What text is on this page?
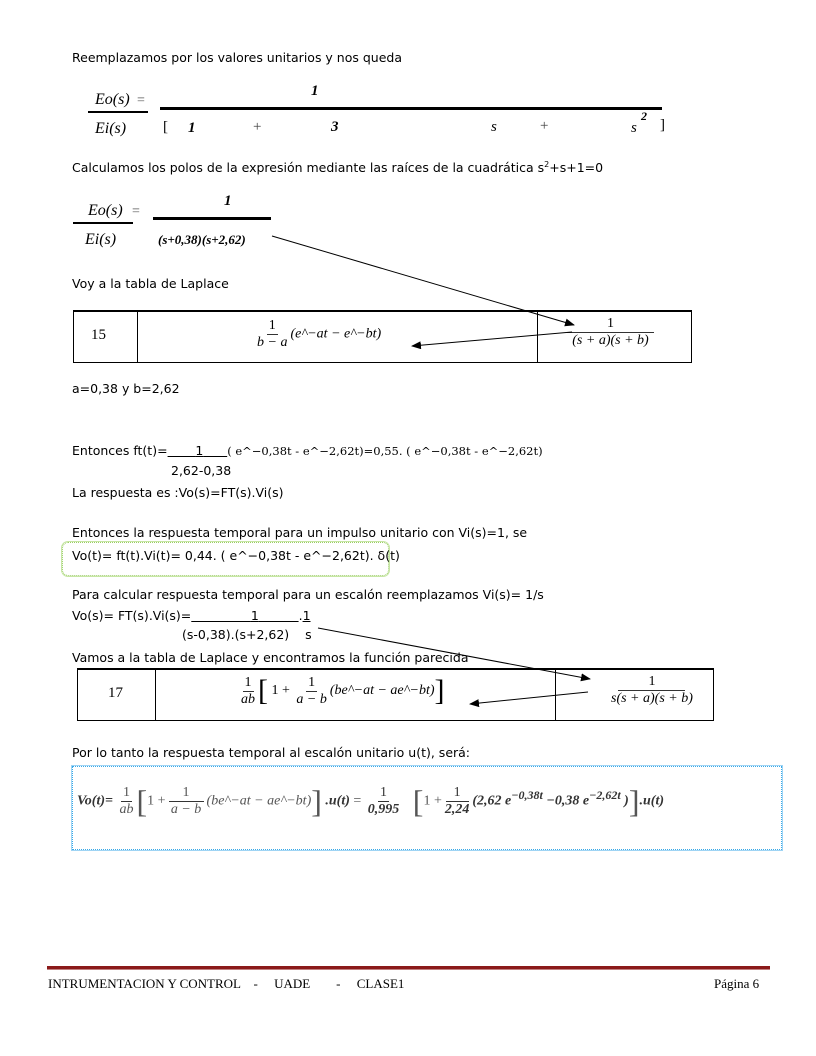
Reemplazamos por los valores unitarios y nos queda
Eo(s)
Ei(s)
=
1
[ 1	+	3	s	+	s
2
]
Calculamos los polos de la expresión mediante las raíces de la cuadrática $s^2+s+1=0$
Eo(s)
Ei(s)
=
1
(s+0,38)(s+2,62)
Voy a la tabla de Laplace
15	$\frac{1}{b - a}$ (e^−at − e^−bt)	$\frac{1}{(s + a)(s + b)}$
a=0,38 y b=2,62
Entonces ft(t)= 1 ( e^−0,38t - e^−2,62t)=0,55. ( e^−0,38t - e^−2,62t)
2,62-0,38
La respuesta es :Vo(s)=FT(s).Vi(s)
Entonces la respuesta temporal para un impulso unitario con Vi(s)=1, se
Vo(t)= ft(t).Vi(t)= 0,44. ( e^−0,38t - e^−2,62t). δ(t)
Para calcular respuesta temporal para un escalón reemplazamos Vi(s)= 1/s
Vo(s)= FT(s).Vi(s)=	1	.1
(s-0,38).(s+2,62) s
Vamos a la tabla de Laplace y encontramos la función parecida
17	$\frac{1}{ab}$ [ $1 + \frac{1}{a - b}$ (be^−at − ae^−bt)]	$\frac{1}{s(s + a)(s + b)}$
Por lo tanto la respuesta temporal al escalón unitario u(t), será:
$Vo(t)= \frac{1}{ab} [1 + \frac{1}{a - b}$ (be^−at − ae^−bt)] $.u(t) = \frac{1}{0,995} [1 + \frac{1}{2,24} (2,62$ $e^{-0,38t} -0,38$ $e^{-2,62t}$ )].u(t)
INTRUMENTACION Y CONTROL    -     UADE        -     CLASE1	Página 6
